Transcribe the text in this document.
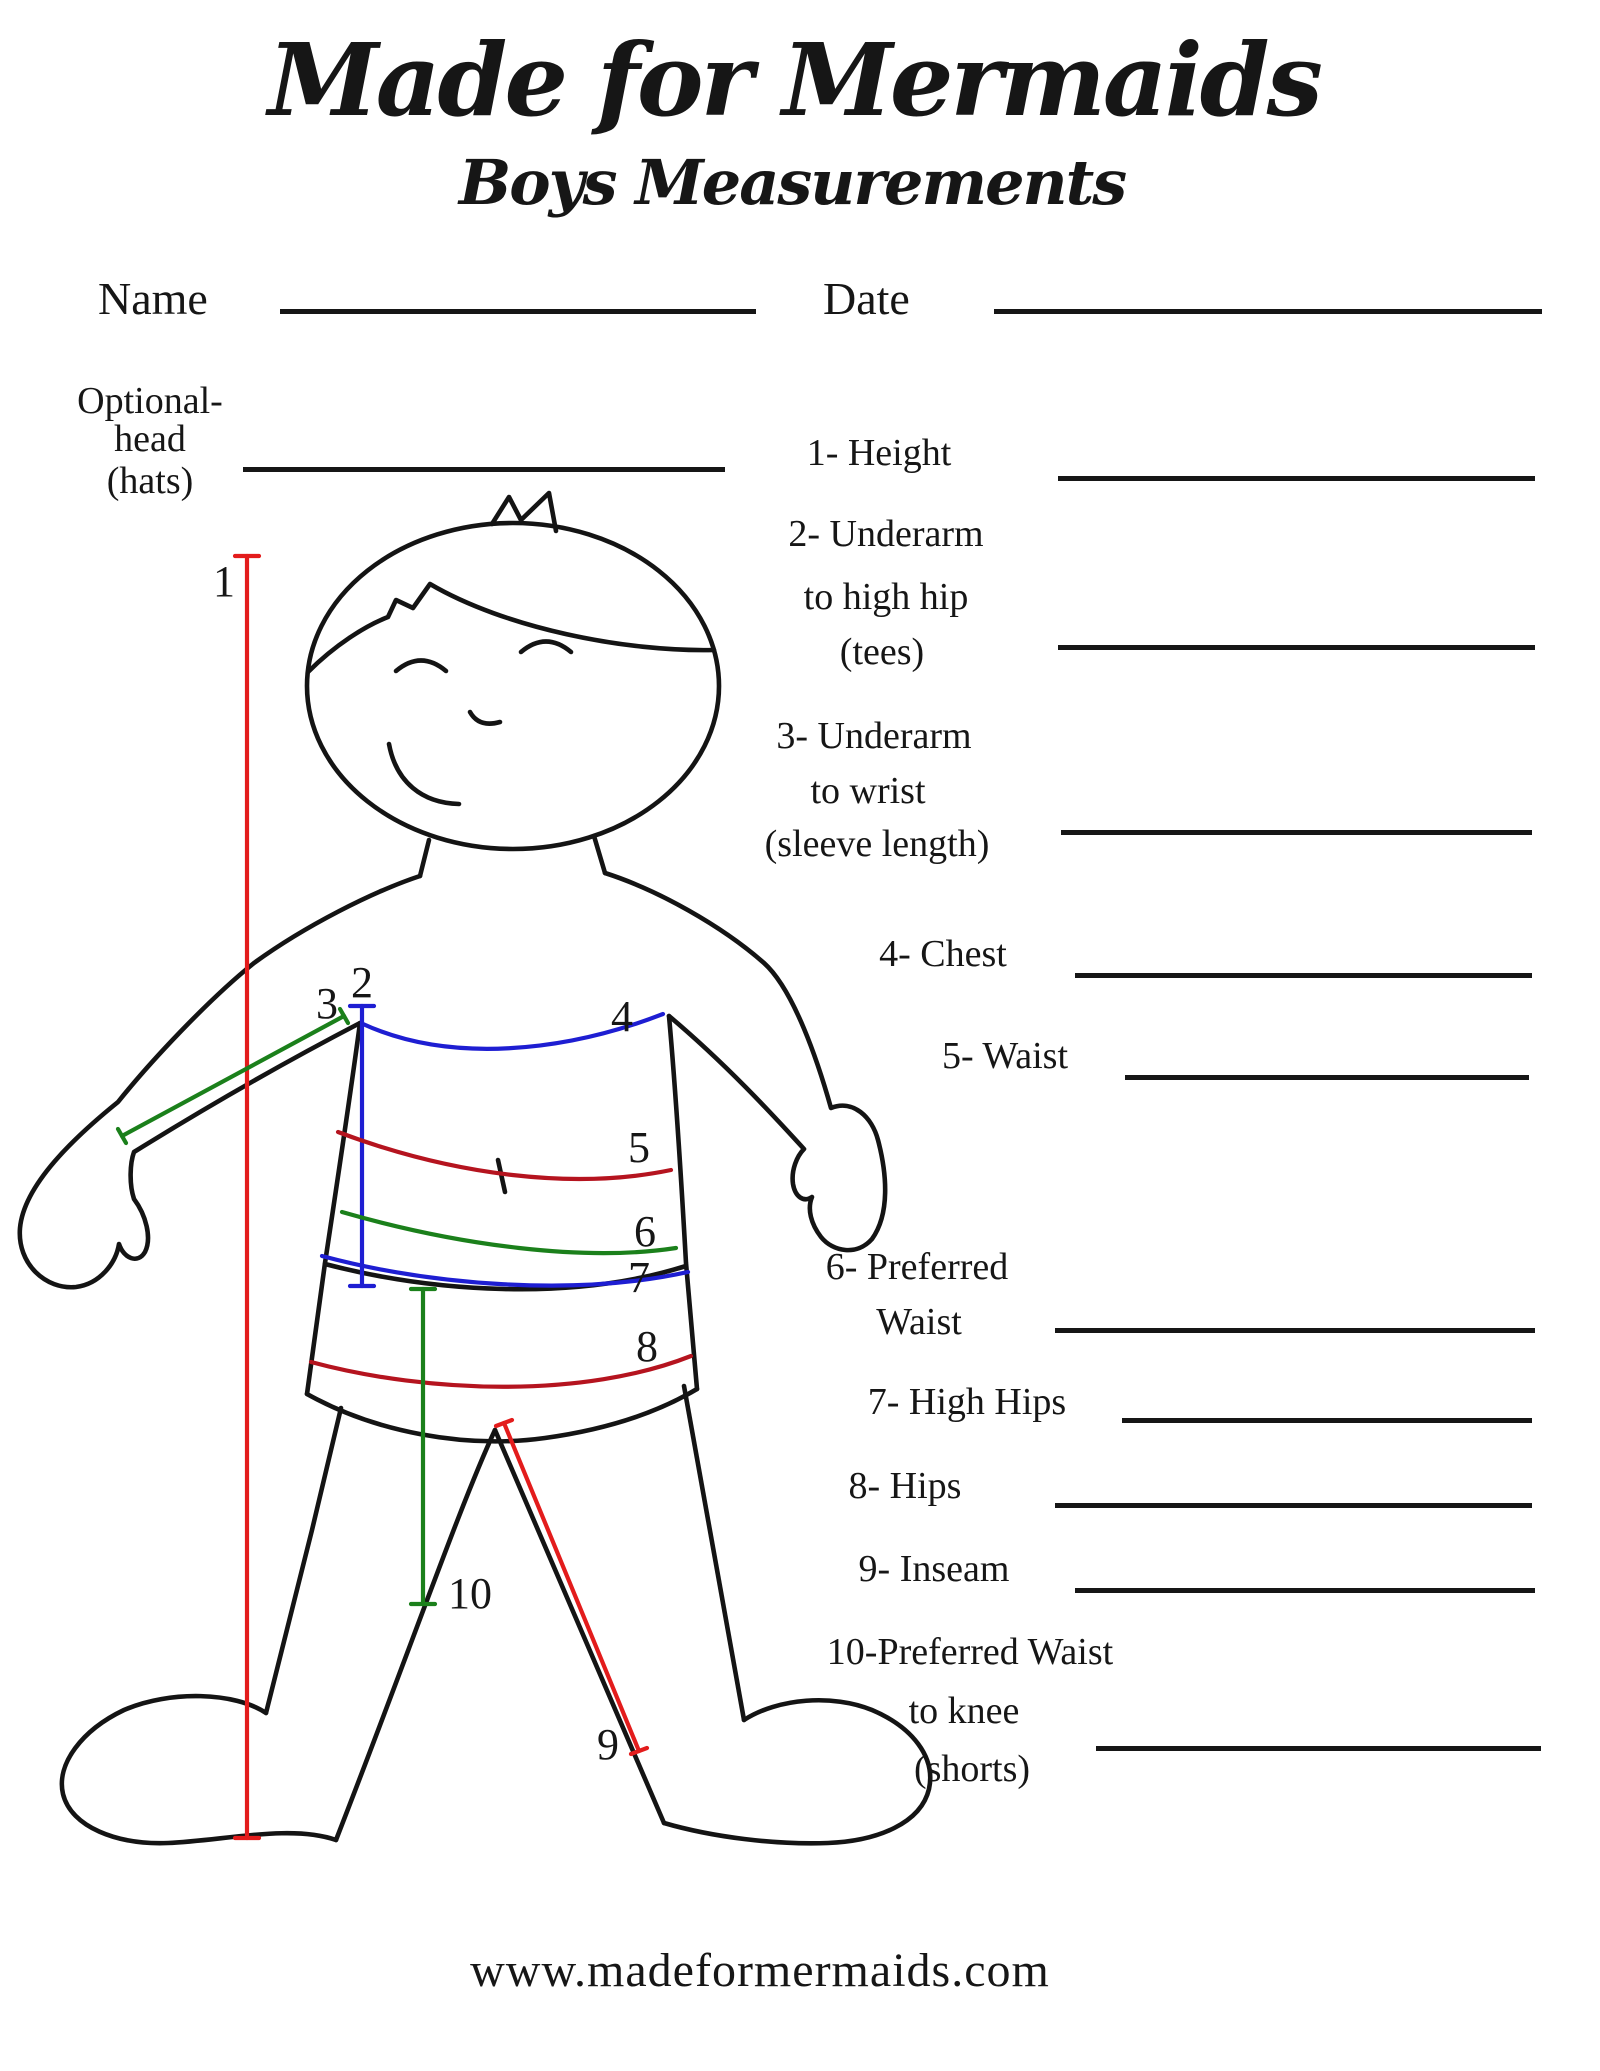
Made for Mermaids
Boys Measurements
Name	Date
Optional-
head
(hats)
1- Height
2- Underarm
to high hip
(tees)
3- Underarm
to wrist
(sleeve length)
4- Chest
5- Waist
6- Preferred
Waist
7- High Hips
8- Hips
9- Inseam
10-Preferred Waist
to knee
(shorts)
1
2
3	4
5
6
7
8
9
10
www.madeformermaids.com
